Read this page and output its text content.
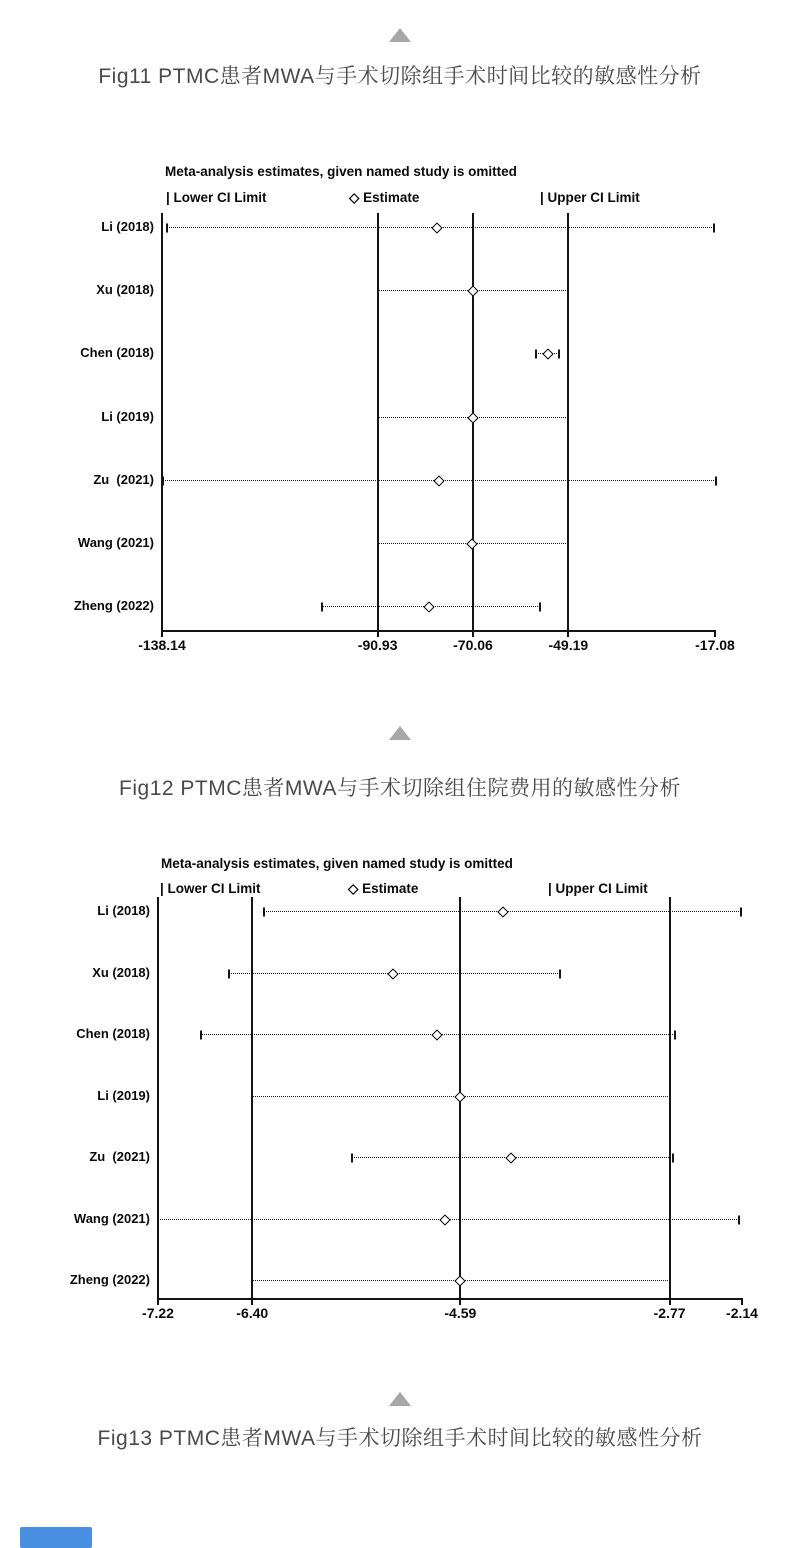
Fig11 PTMC患者MWA与手术切除组手术时间比较的敏感性分析
Meta-analysis estimates, given named study is omitted
| Lower CI Limit	◇ Estimate	| Upper CI Limit
-138.14	-90.93	-70.06	-49.19	-17.08
Li (2018)
Xu (2018)
Chen (2018)
Li (2019)
Zu  (2021)
Wang (2021)
Zheng (2022)
Fig12 PTMC患者MWA与手术切除组住院费用的敏感性分析
Meta-analysis estimates, given named study is omitted
| Lower CI Limit	◇ Estimate	| Upper CI Limit
-7.22	-6.40	-4.59	-2.77	-2.14
Li (2018)
Xu (2018)
Chen (2018)
Li (2019)
Zu  (2021)
Wang (2021)
Zheng (2022)
Fig13 PTMC患者MWA与手术切除组手术时间比较的敏感性分析
